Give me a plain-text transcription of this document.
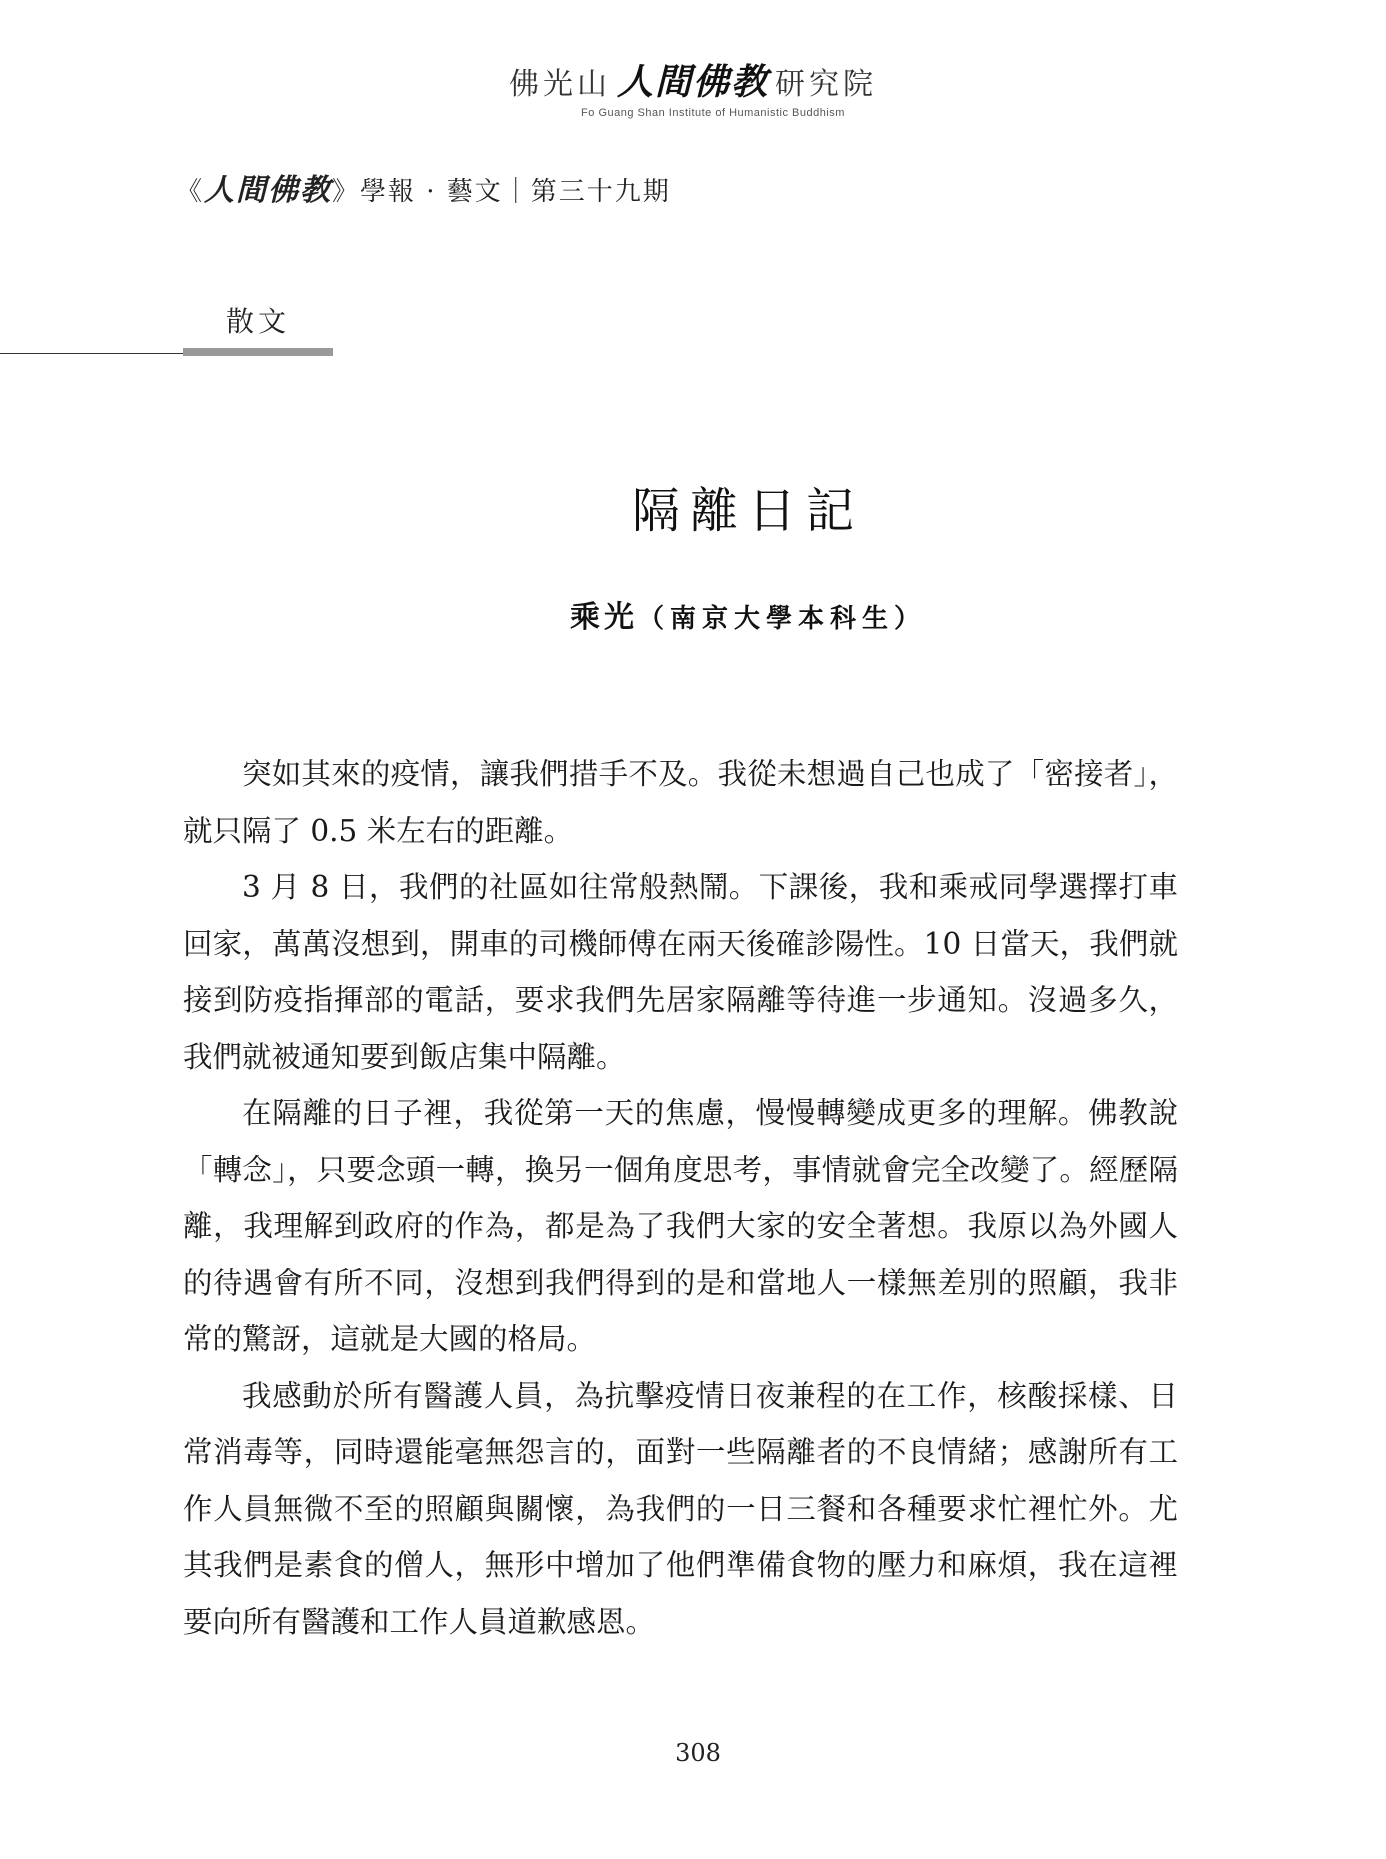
佛光山 人間佛教 研究院
Fo Guang Shan Institute of Humanistic Buddhism
《人間佛教》學報 · 藝文｜第三十九期
散文
隔離日記
乘光（南京大學本科生）

突如其來的疫情，讓我們措手不及。我從未想過自己也成了「密接者」，就只隔了 0.5 米左右的距離。

3 月 8 日，我們的社區如往常般熱鬧。下課後，我和乘戒同學選擇打車回家，萬萬沒想到，開車的司機師傅在兩天後確診陽性。10 日當天，我們就接到防疫指揮部的電話，要求我們先居家隔離等待進一步通知。沒過多久，我們就被通知要到飯店集中隔離。

在隔離的日子裡，我從第一天的焦慮，慢慢轉變成更多的理解。佛教說「轉念」，只要念頭一轉，換另一個角度思考，事情就會完全改變了。經歷隔離，我理解到政府的作為，都是為了我們大家的安全著想。我原以為外國人的待遇會有所不同，沒想到我們得到的是和當地人一樣無差別的照顧，我非常的驚訝，這就是大國的格局。

我感動於所有醫護人員，為抗擊疫情日夜兼程的在工作，核酸採樣、日常消毒等，同時還能毫無怨言的，面對一些隔離者的不良情緒；感謝所有工作人員無微不至的照顧與關懷，為我們的一日三餐和各種要求忙裡忙外。尤其我們是素食的僧人，無形中增加了他們準備食物的壓力和麻煩，我在這裡要向所有醫護和工作人員道歉感恩。

308
